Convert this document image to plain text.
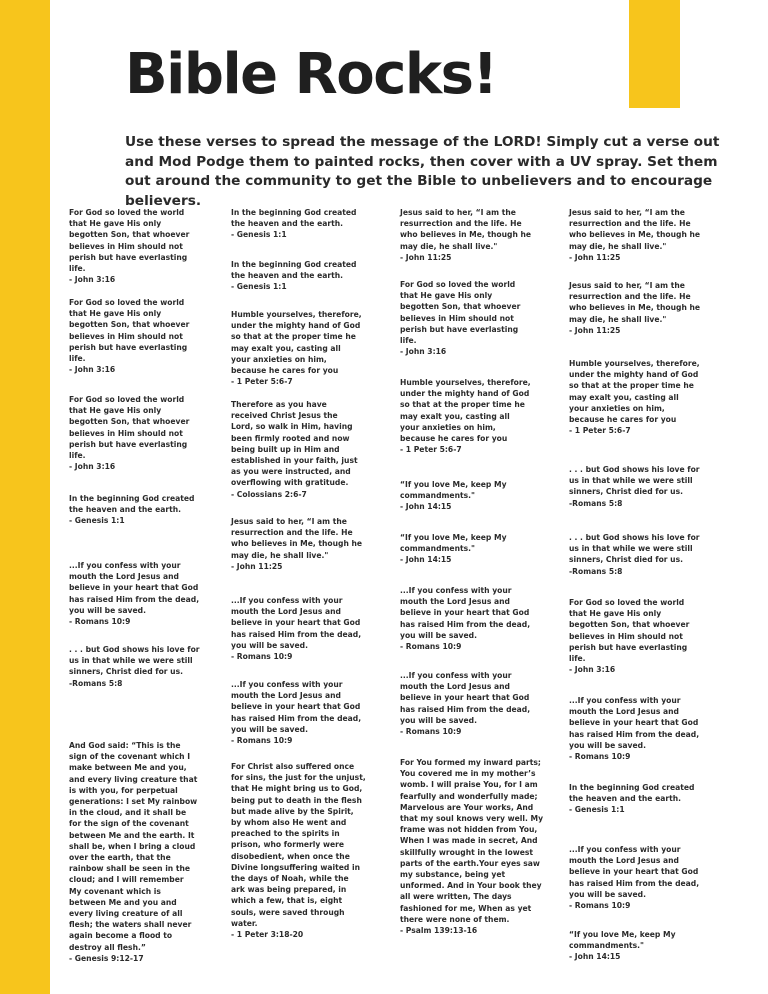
Bible Rocks!

Use these verses to spread the message of the LORD! Simply cut a verse out and Mod Podge them to painted rocks, then cover with a UV spray. Set them out around the community to get the Bible to unbelievers and to encourage believers.

For God so loved the world
that He gave His only
begotten Son, that whoever
believes in Him should not
perish but have everlasting
life.
- John 3:16
For God so loved the world
that He gave His only
begotten Son, that whoever
believes in Him should not
perish but have everlasting
life.
- John 3:16
For God so loved the world
that He gave His only
begotten Son, that whoever
believes in Him should not
perish but have everlasting
life.
- John 3:16
In the beginning God created
the heaven and the earth.
- Genesis 1:1
...If you confess with your
mouth the Lord Jesus and
believe in your heart that God
has raised Him from the dead,
you will be saved.
- Romans 10:9
. . . but God shows his love for
us in that while we were still
sinners, Christ died for us.
-Romans 5:8
And God said: “This is the
sign of the covenant which I
make between Me and you,
and every living creature that
is with you, for perpetual
generations: I set My rainbow
in the cloud, and it shall be
for the sign of the covenant
between Me and the earth. It
shall be, when I bring a cloud
over the earth, that the
rainbow shall be seen in the
cloud; and I will remember
My covenant which is
between Me and you and
every living creature of all
flesh; the waters shall never
again become a flood to
destroy all flesh.”
- Genesis 9:12-17
In the beginning God created
the heaven and the earth.
- Genesis 1:1
In the beginning God created
the heaven and the earth.
- Genesis 1:1
Humble yourselves, therefore,
under the mighty hand of God
so that at the proper time he
may exalt you, casting all
your anxieties on him,
because he cares for you
- 1 Peter 5:6-7
Therefore as you have
received Christ Jesus the
Lord, so walk in Him, having
been firmly rooted and now
being built up in Him and
established in your faith, just
as you were instructed, and
overflowing with gratitude.
- Colossians 2:6-7
Jesus said to her, “I am the
resurrection and the life. He
who believes in Me, though he
may die, he shall live."
- John 11:25
...If you confess with your
mouth the Lord Jesus and
believe in your heart that God
has raised Him from the dead,
you will be saved.
- Romans 10:9
...If you confess with your
mouth the Lord Jesus and
believe in your heart that God
has raised Him from the dead,
you will be saved.
- Romans 10:9
For Christ also suffered once
for sins, the just for the unjust,
that He might bring us to God,
being put to death in the flesh
but made alive by the Spirit,
by whom also He went and
preached to the spirits in
prison, who formerly were
disobedient, when once the
Divine longsuffering waited in
the days of Noah, while the
ark was being prepared, in
which a few, that is, eight
souls, were saved through
water.
- 1 Peter 3:18-20
Jesus said to her, “I am the
resurrection and the life. He
who believes in Me, though he
may die, he shall live."
- John 11:25
For God so loved the world
that He gave His only
begotten Son, that whoever
believes in Him should not
perish but have everlasting
life.
- John 3:16
Humble yourselves, therefore,
under the mighty hand of God
so that at the proper time he
may exalt you, casting all
your anxieties on him,
because he cares for you
- 1 Peter 5:6-7
“If you love Me, keep My
commandments."
- John 14:15
“If you love Me, keep My
commandments."
- John 14:15
...If you confess with your
mouth the Lord Jesus and
believe in your heart that God
has raised Him from the dead,
you will be saved.
- Romans 10:9
...If you confess with your
mouth the Lord Jesus and
believe in your heart that God
has raised Him from the dead,
you will be saved.
- Romans 10:9
For You formed my inward parts;
You covered me in my mother’s
womb. I will praise You, for I am
fearfully and wonderfully made;
Marvelous are Your works, And
that my soul knows very well. My
frame was not hidden from You,
When I was made in secret, And
skillfully wrought in the lowest
parts of the earth.Your eyes saw
my substance, being yet
unformed. And in Your book they
all were written, The days
fashioned for me, When as yet
there were none of them.
- Psalm 139:13-16
Jesus said to her, “I am the
resurrection and the life. He
who believes in Me, though he
may die, he shall live."
- John 11:25
Jesus said to her, “I am the
resurrection and the life. He
who believes in Me, though he
may die, he shall live."
- John 11:25
Humble yourselves, therefore,
under the mighty hand of God
so that at the proper time he
may exalt you, casting all
your anxieties on him,
because he cares for you
- 1 Peter 5:6-7
. . . but God shows his love for
us in that while we were still
sinners, Christ died for us.
-Romans 5:8
. . . but God shows his love for
us in that while we were still
sinners, Christ died for us.
-Romans 5:8
For God so loved the world
that He gave His only
begotten Son, that whoever
believes in Him should not
perish but have everlasting
life.
- John 3:16
...If you confess with your
mouth the Lord Jesus and
believe in your heart that God
has raised Him from the dead,
you will be saved.
- Romans 10:9
In the beginning God created
the heaven and the earth.
- Genesis 1:1
...If you confess with your
mouth the Lord Jesus and
believe in your heart that God
has raised Him from the dead,
you will be saved.
- Romans 10:9
“If you love Me, keep My
commandments."
- John 14:15
